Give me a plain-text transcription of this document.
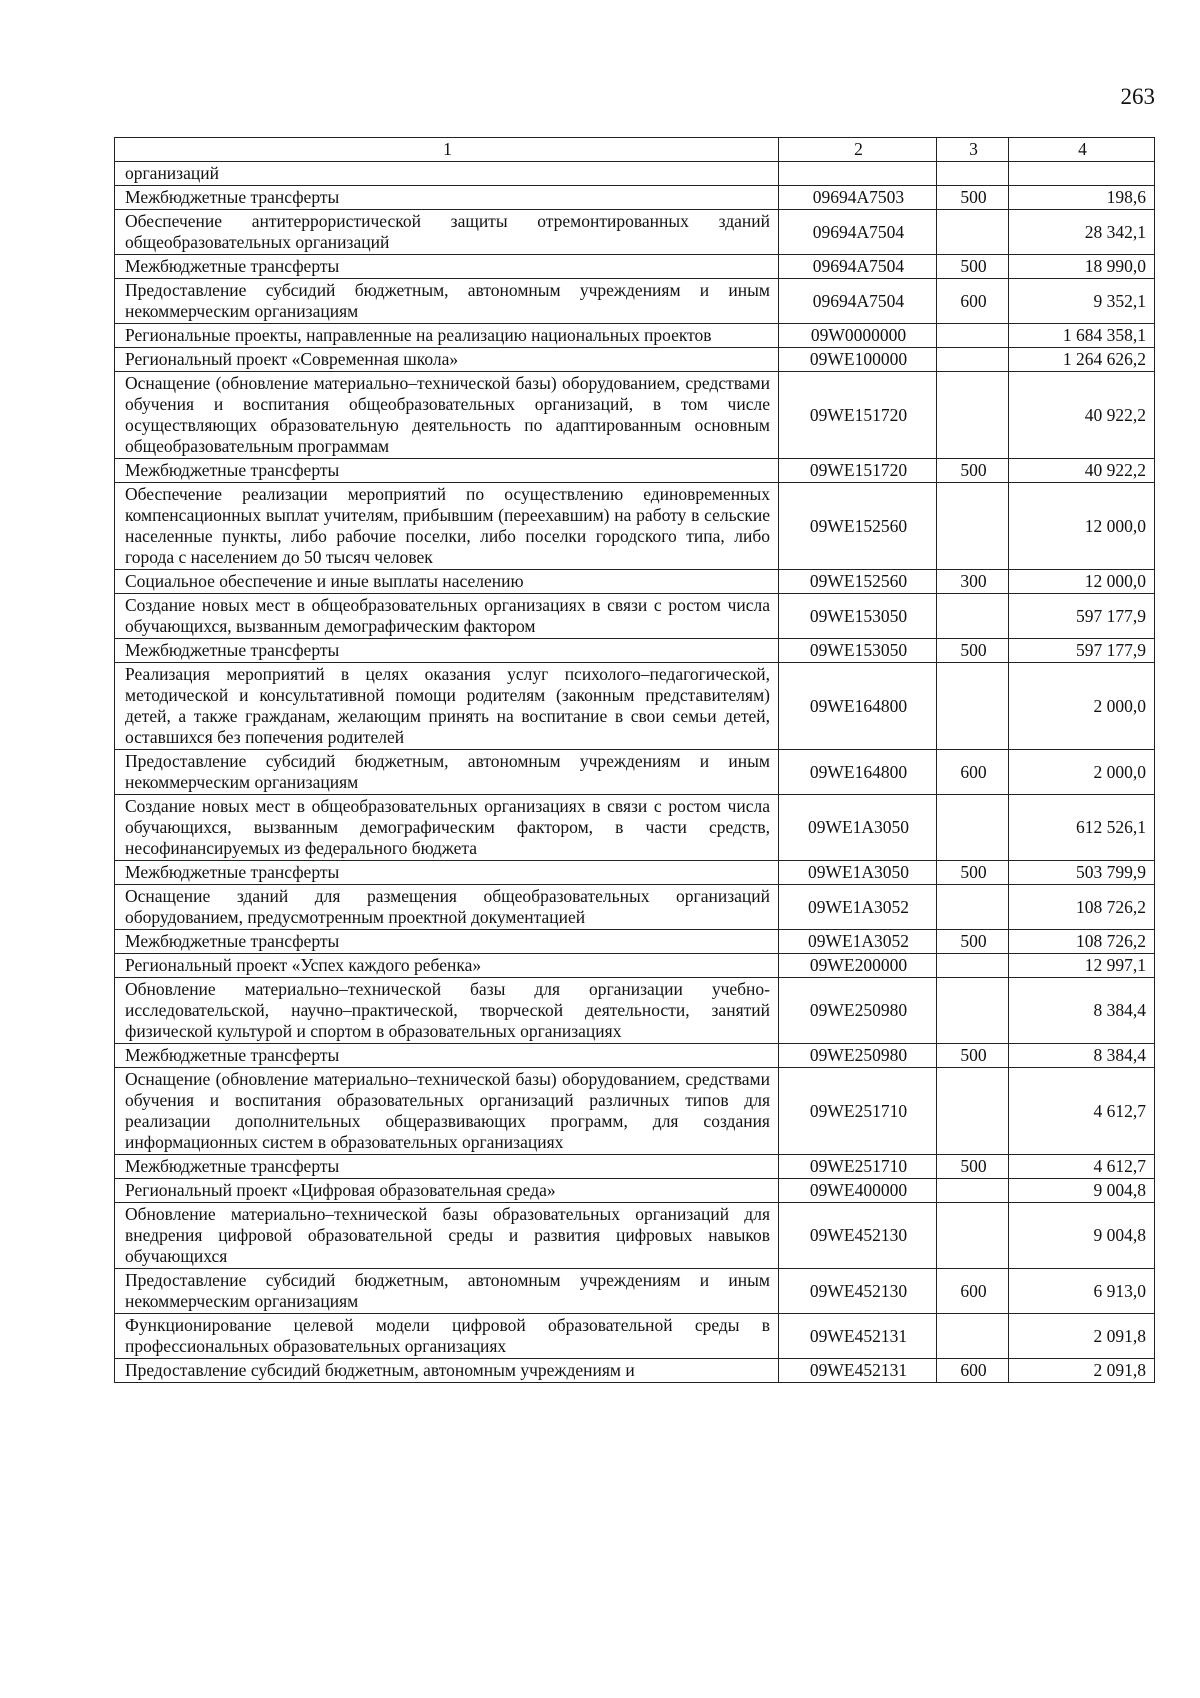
263
1	2	3	4
организаций			
Межбюджетные трансферты	09694А7503	500	198,6
Обеспечение антитеррористической защиты отремонтированных зданий общеобразовательных организаций	09694А7504		28 342,1
Межбюджетные трансферты	09694А7504	500	18 990,0
Предоставление субсидий бюджетным, автономным учреждениям и иным некоммерческим организациям	09694А7504	600	9 352,1
Региональные проекты, направленные на реализацию национальных проектов	09W0000000		1 684 358,1
Региональный проект «Современная школа»	09WE100000		1 264 626,2
Оснащение (обновление материально–технической базы) оборудованием, средствами обучения и воспитания общеобразовательных организаций, в том числе осуществляющих образовательную деятельность по адаптированным основным общеобразовательным программам	09WE151720		40 922,2
Межбюджетные трансферты	09WE151720	500	40 922,2
Обеспечение реализации мероприятий по осуществлению единовременных компенсационных выплат учителям, прибывшим (переехавшим) на работу в сельские населенные пункты, либо рабочие поселки, либо поселки городского типа, либо города с населением до 50 тысяч человек	09WE152560		12 000,0
Социальное обеспечение и иные выплаты населению	09WE152560	300	12 000,0
Создание новых мест в общеобразовательных организациях в связи с ростом числа обучающихся, вызванным демографическим фактором	09WE153050		597 177,9
Межбюджетные трансферты	09WE153050	500	597 177,9
Реализация мероприятий в целях оказания услуг психолого–педагогической, методической и консультативной помощи родителям (законным представителям) детей, а также гражданам, желающим принять на воспитание в свои семьи детей, оставшихся без попечения родителей	09WE164800		2 000,0
Предоставление субсидий бюджетным, автономным учреждениям и иным некоммерческим организациям	09WE164800	600	2 000,0
Создание новых мест в общеобразовательных организациях в связи с ростом числа обучающихся, вызванным демографическим фактором, в части средств, несофинансируемых из федерального бюджета	09WE1A3050		612 526,1
Межбюджетные трансферты	09WE1A3050	500	503 799,9
Оснащение зданий для размещения общеобразовательных организаций оборудованием, предусмотренным проектной документацией	09WE1A3052		108 726,2
Межбюджетные трансферты	09WE1A3052	500	108 726,2
Региональный проект «Успех каждого ребенка»	09WE200000		12 997,1
Обновление материально–технической базы для организации учебно-исследовательской, научно–практической, творческой деятельности, занятий физической культурой и спортом в образовательных организациях	09WE250980		8 384,4
Межбюджетные трансферты	09WE250980	500	8 384,4
Оснащение (обновление материально–технической базы) оборудованием, средствами обучения и воспитания образовательных организаций различных типов для реализации дополнительных общеразвивающих программ, для создания информационных систем в образовательных организациях	09WE251710		4 612,7
Межбюджетные трансферты	09WE251710	500	4 612,7
Региональный проект «Цифровая образовательная среда»	09WE400000		9 004,8
Обновление материально–технической базы образовательных организаций для внедрения цифровой образовательной среды и развития цифровых навыков обучающихся	09WE452130		9 004,8
Предоставление субсидий бюджетным, автономным учреждениям и иным некоммерческим организациям	09WE452130	600	6 913,0
Функционирование целевой модели цифровой образовательной среды в профессиональных образовательных организациях	09WE452131		2 091,8
Предоставление субсидий бюджетным, автономным учреждениям и	09WE452131	600	2 091,8
